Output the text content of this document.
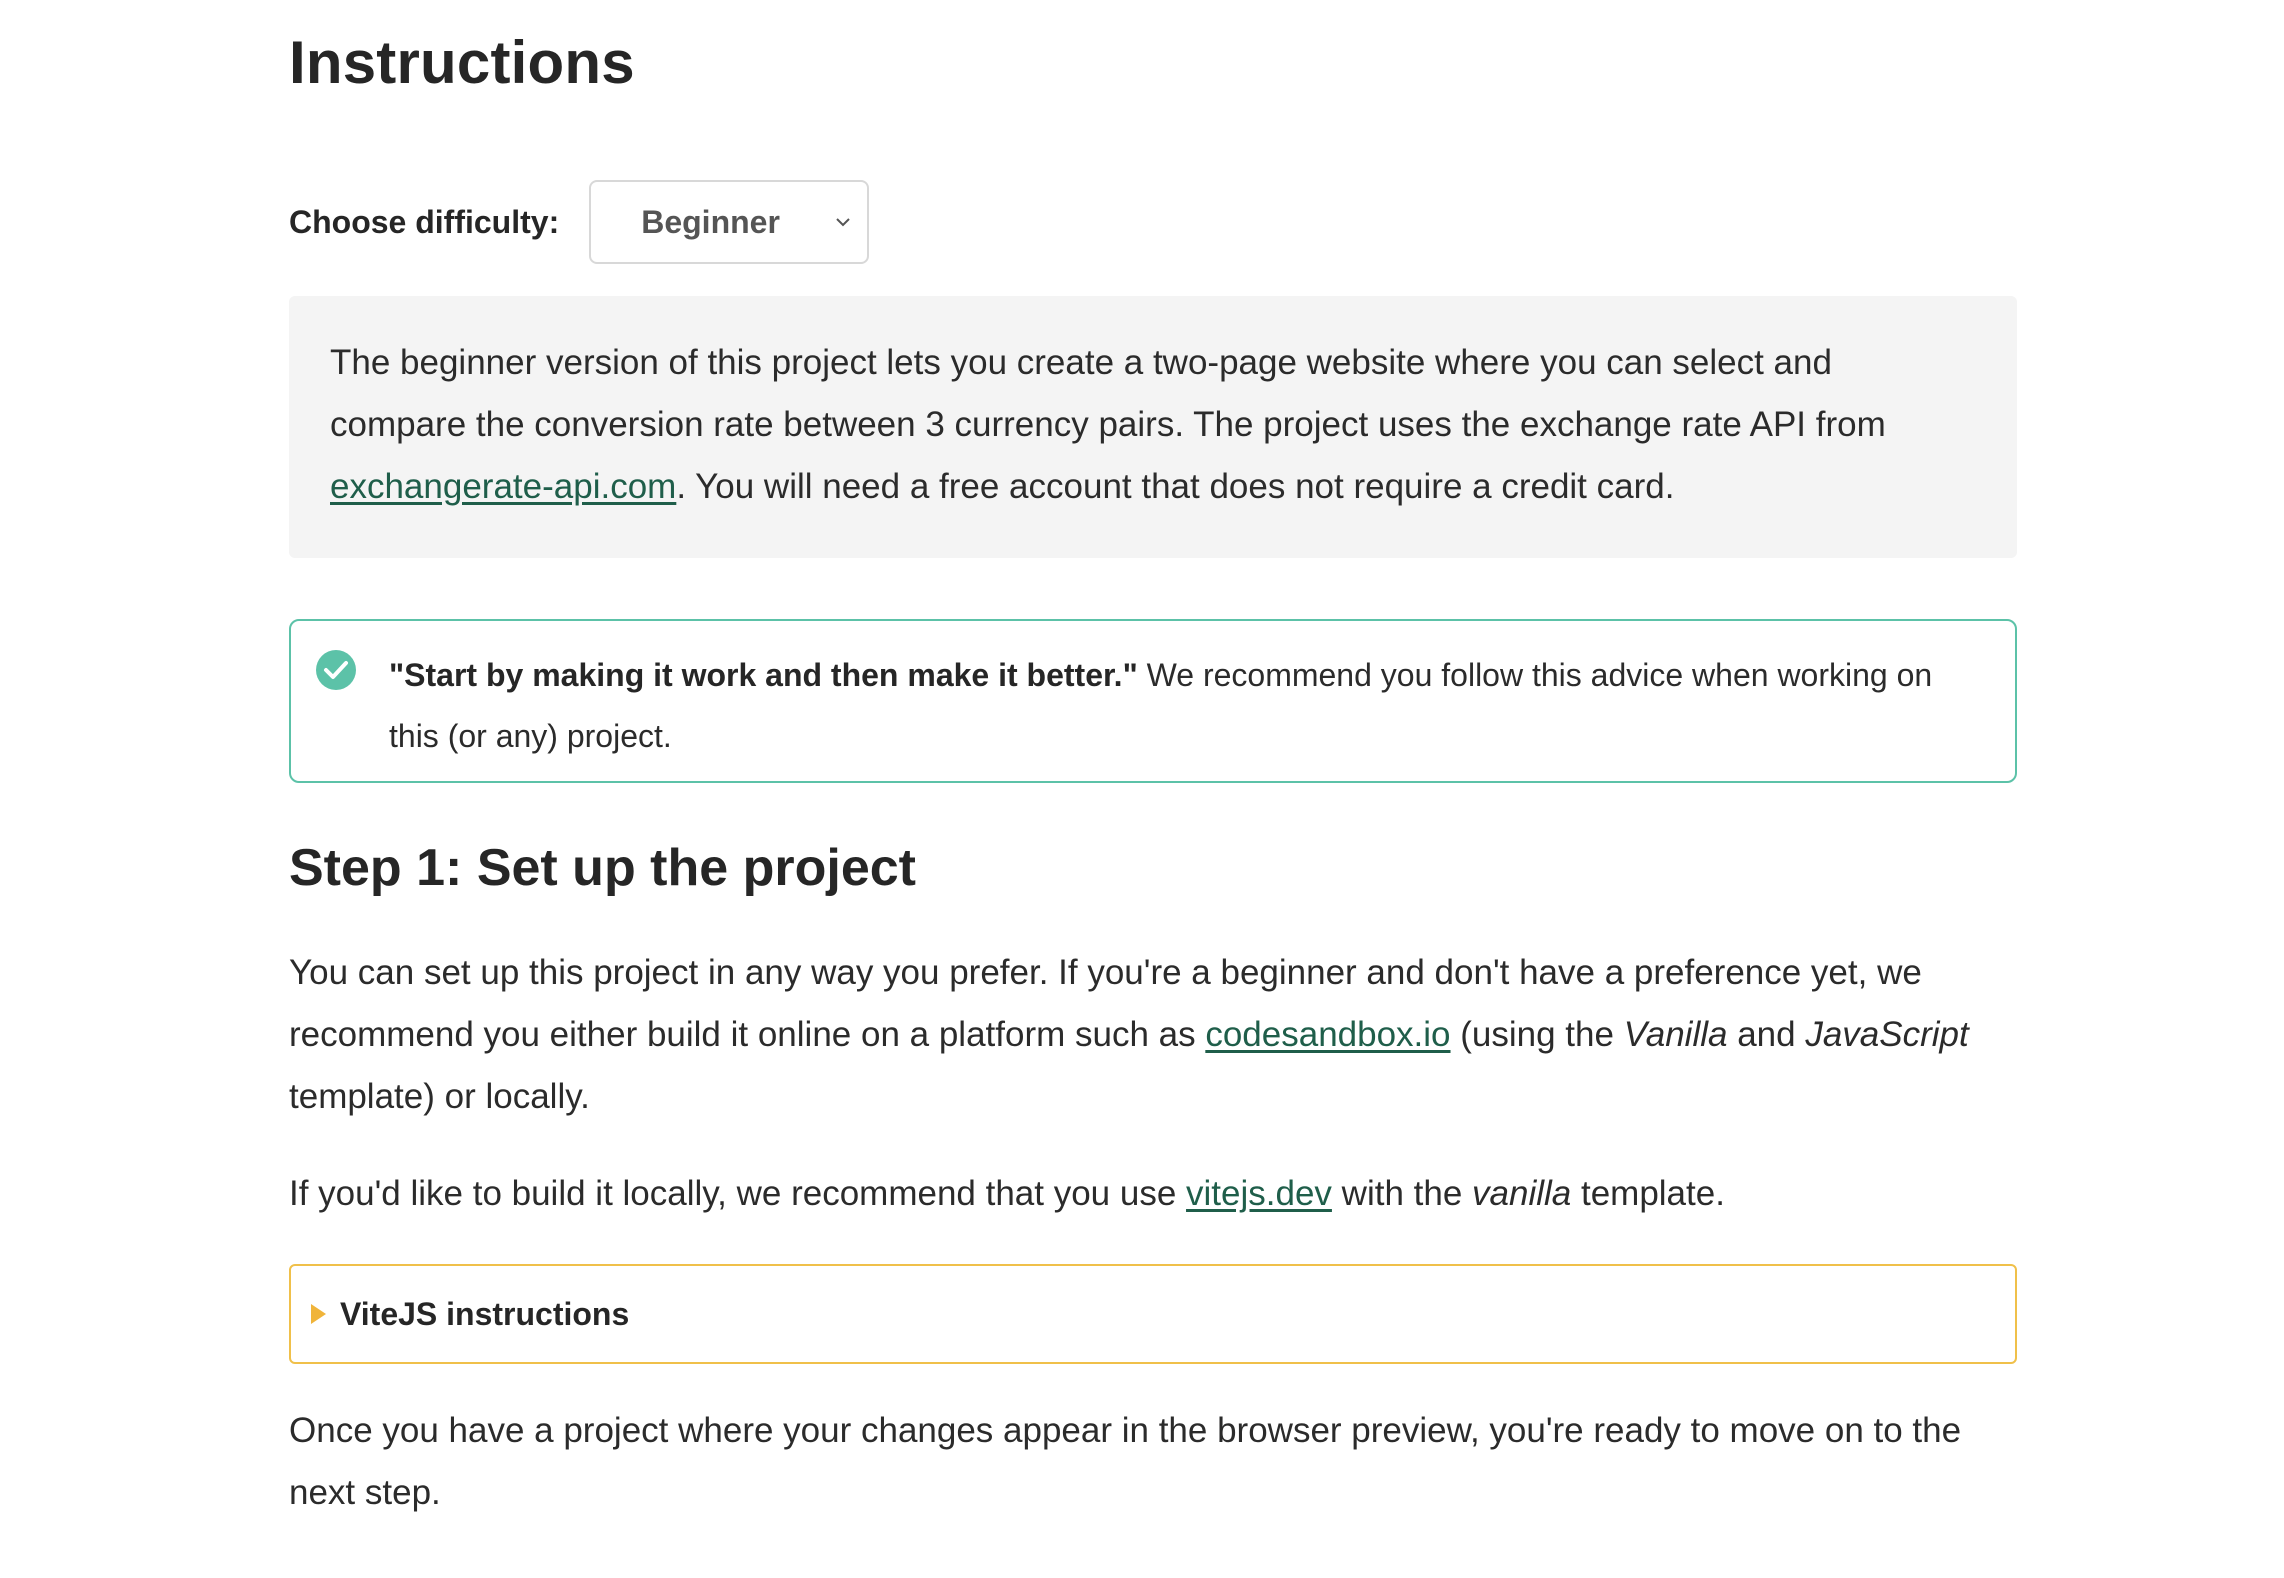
Instructions
Choose difficulty:	Beginner
The beginner version of this project lets you create a two-page website where you can select and compare the conversion rate between 3 currency pairs. The project uses the exchange rate API from exchangerate-api.com. You will need a free account that does not require a credit card.
"Start by making it work and then make it better." We recommend you follow this advice when working on this (or any) project.
Step 1: Set up the project

You can set up this project in any way you prefer. If you're a beginner and don't have a preference yet, we recommend you either build it online on a platform such as codesandbox.io (using the Vanilla and JavaScript template) or locally.

If you'd like to build it locally, we recommend that you use vitejs.dev with the vanilla template.

ViteJS instructions

Once you have a project where your changes appear in the browser preview, you're ready to move on to the next step.
